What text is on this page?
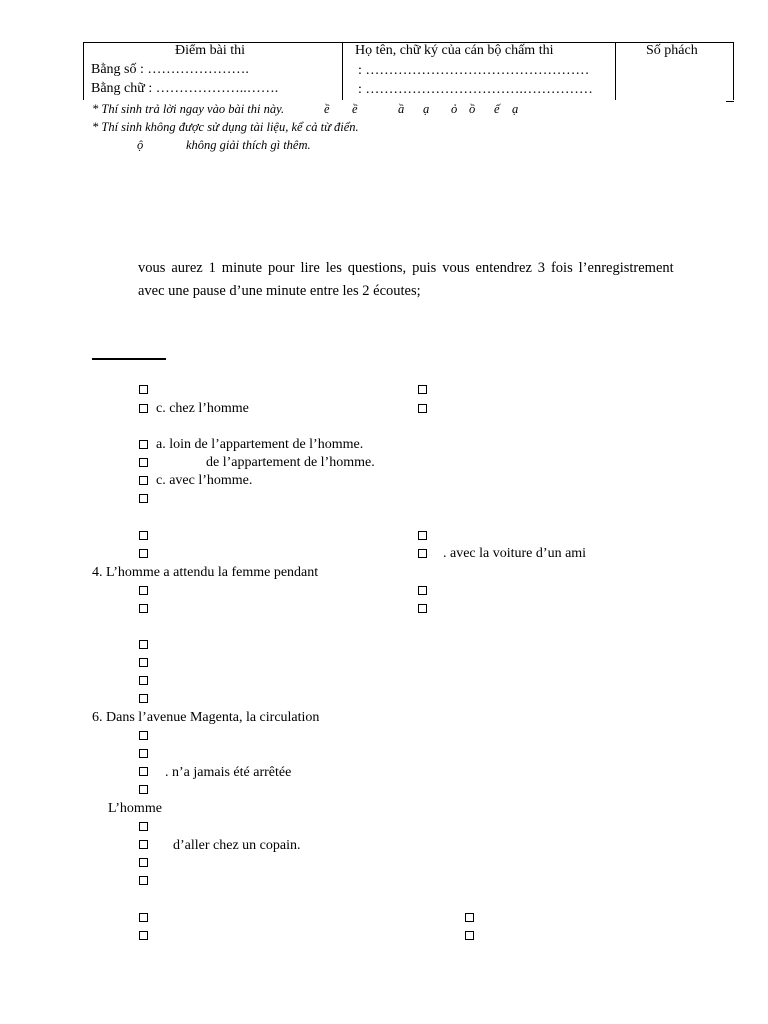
Điểm bài thi
Bằng số : ………………….
Bằng chữ : ………………..…….
Họ tên, chữ ký của cán bộ chấm thi
: …………………………………………
: …………………………….……………
Số phách
* Thí sinh trả lời ngay vào bài thi này.	ề ề	ầ ạ ỏ ồ ế ạ
* Thí sinh không được sử dụng tài liệu, kể cả từ điển.
ộ	không giải thích gì thêm.
vous aurez 1 minute pour lire les questions, puis vous entendrez 3 fois l’enregistrement
avec une pause d’une minute entre les 2 écoutes;
c. chez l’homme
a. loin de l’appartement de l’homme.
de l’appartement de l’homme.
c. avec l’homme.
. avec la voiture d’un ami
4. L’homme a attendu la femme pendant
6. Dans l’avenue Magenta, la circulation
. n’a jamais été arrêtée
L’homme
d’aller chez un copain.
